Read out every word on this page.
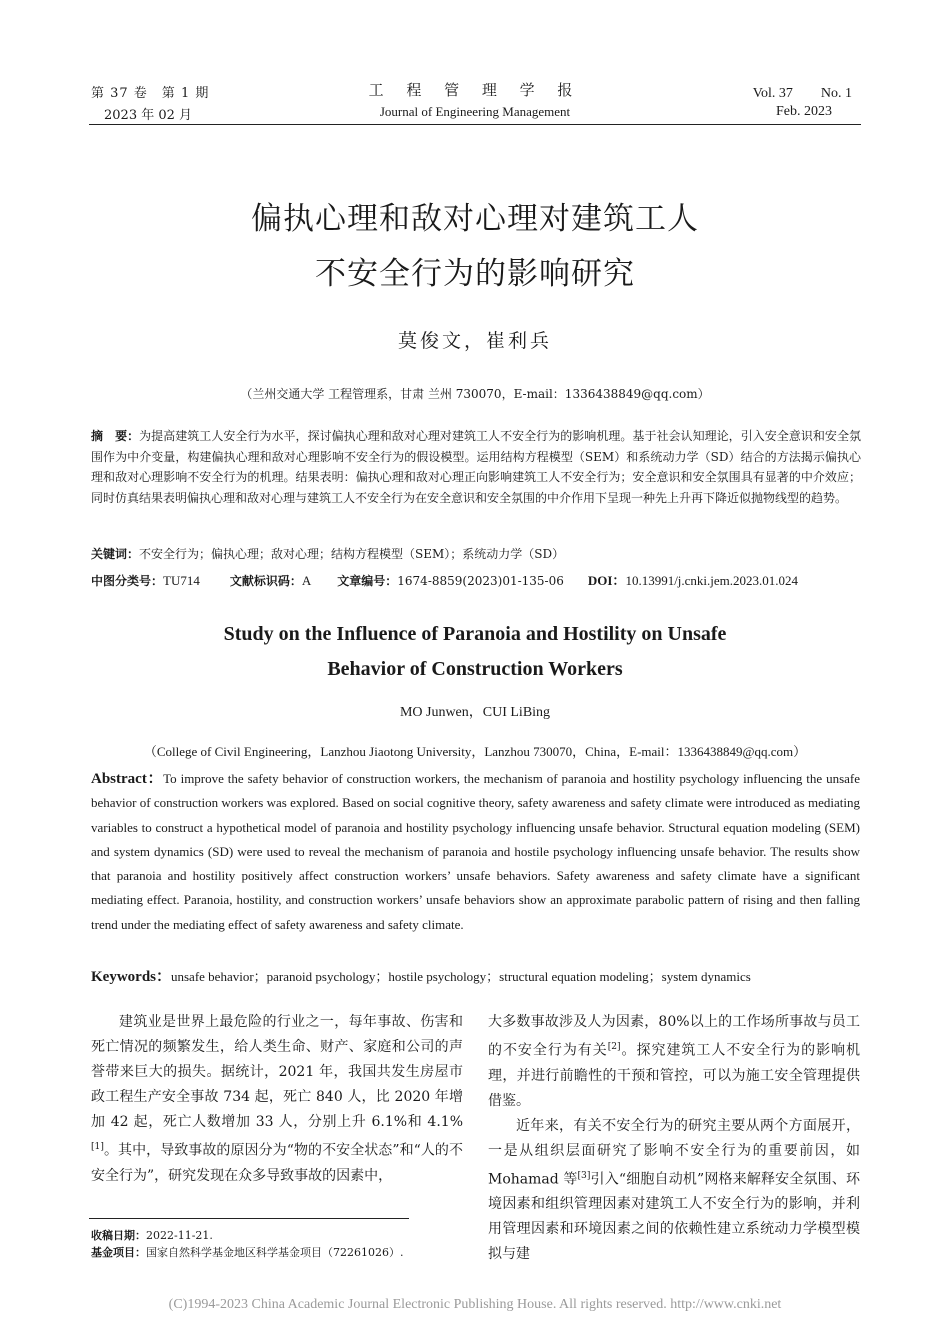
第 37 卷　第 1 期
2023 年 02 月
工 程 管 理 学 报
Journal of Engineering Management
Vol. 37　　No. 1
Feb. 2023
偏执心理和敌对心理对建筑工人
不安全行为的影响研究
莫俊文，崔利兵
（兰州交通大学 工程管理系，甘肃 兰州 730070，E-mail：1336438849@qq.com）
摘　要：为提高建筑工人安全行为水平，探讨偏执心理和敌对心理对建筑工人不安全行为的影响机理。基于社会认知理论，引入安全意识和安全氛围作为中介变量，构建偏执心理和敌对心理影响不安全行为的假设模型。运用结构方程模型（SEM）和系统动力学（SD）结合的方法揭示偏执心理和敌对心理影响不安全行为的机理。结果表明：偏执心理和敌对心理正向影响建筑工人不安全行为；安全意识和安全氛围具有显著的中介效应；同时仿真结果表明偏执心理和敌对心理与建筑工人不安全行为在安全意识和安全氛围的中介作用下呈现一种先上升再下降近似抛物线型的趋势。
关键词：不安全行为；偏执心理；敌对心理；结构方程模型（SEM）；系统动力学（SD）
中图分类号：TU714	文献标识码：A 文章编号：1674-8859(2023)01-135-06 DOI：10.13991/j.cnki.jem.2023.01.024
Study on the Influence of Paranoia and Hostility on Unsafe
Behavior of Construction Workers
MO Junwen，CUI LiBing
（College of Civil Engineering，Lanzhou Jiaotong University，Lanzhou 730070，China，E-mail：1336438849@qq.com）
Abstract：To improve the safety behavior of construction workers, the mechanism of paranoia and hostility psychology influencing the unsafe behavior of construction workers was explored. Based on social cognitive theory, safety awareness and safety climate were introduced as mediating variables to construct a hypothetical model of paranoia and hostility psychology influencing unsafe behavior. Structural equation modeling (SEM) and system dynamics (SD) were used to reveal the mechanism of paranoia and hostile psychology influencing unsafe behavior. The results show that paranoia and hostility positively affect construction workers’ unsafe behaviors. Safety awareness and safety climate have a significant mediating effect. Paranoia, hostility, and construction workers’ unsafe behaviors show an approximate parabolic pattern of rising and then falling trend under the mediating effect of safety awareness and safety climate.
Keywords：unsafe behavior；paranoid psychology；hostile psychology；structural equation modeling；system dynamics
建筑业是世界上最危险的行业之一，每年事故、伤害和死亡情况的频繁发生，给人类生命、财产、家庭和公司的声誉带来巨大的损失。据统计，2021 年，我国共发生房屋市政工程生产安全事故 734 起，死亡 840 人，比 2020 年增加 42 起，死亡人数增加 33 人，分别上升 6.1%和 4.1%[1]。其中，导致事故的原因分为“物的不安全状态”和“人的不安全行为”，研究发现在众多导致事故的因素中，
大多数事故涉及人为因素，80%以上的工作场所事故与员工的不安全行为有关[2]。探究建筑工人不安全行为的影响机理，并进行前瞻性的干预和管控，可以为施工安全管理提供借鉴。
近年来，有关不安全行为的研究主要从两个方面展开，一是从组织层面研究了影响不安全行为的重要前因，如 Mohamad 等[3]引入“细胞自动机”网格来解释安全氛围、环境因素和组织管理因素对建筑工人不安全行为的影响，并利用管理因素和环境因素之间的依赖性建立系统动力学模型模拟与建
收稿日期：2022-11-21.
基金项目：国家自然科学基金地区科学基金项目（72261026）.
(C)1994-2023 China Academic Journal Electronic Publishing House. All rights reserved. http://www.cnki.net
